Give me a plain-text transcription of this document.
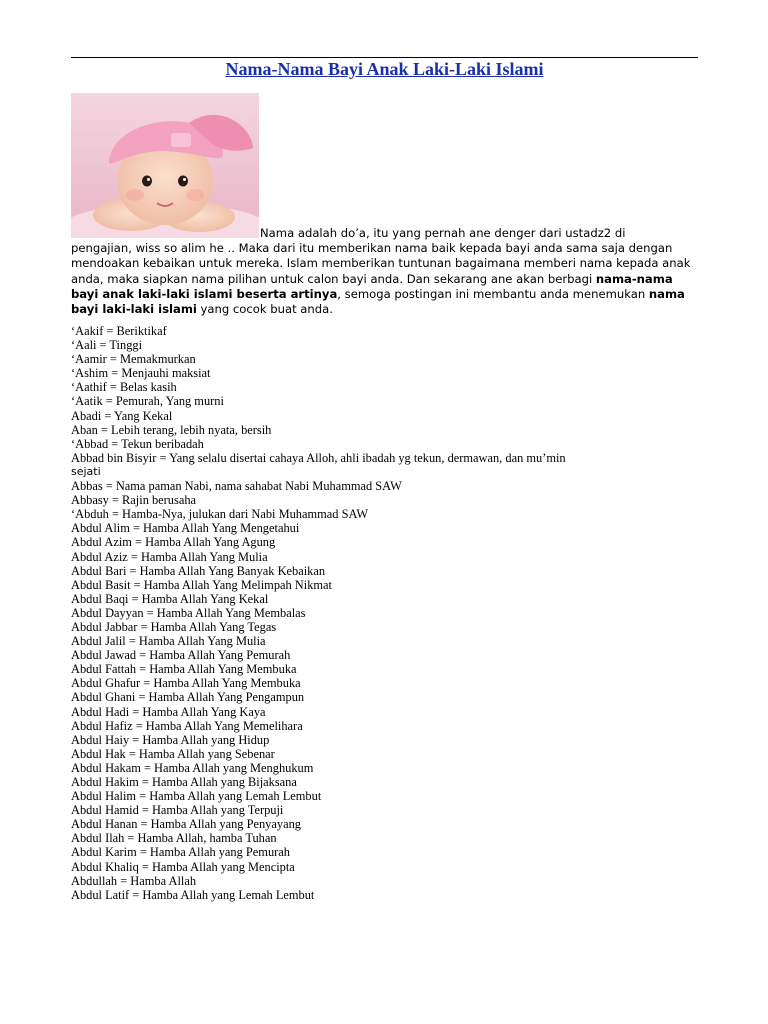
Nama-Nama Bayi Anak Laki-Laki Islami
Nama adalah do’a, itu yang pernah ane denger dari ustadz2 di
pengajian, wiss so alim he .. Maka dari itu memberikan nama baik kepada bayi anda sama saja dengan mendoakan kebaikan untuk mereka. Islam memberikan tuntunan bagaimana memberi nama kepada anak anda, maka siapkan nama pilihan untuk calon bayi anda. Dan sekarang ane akan berbagi nama-nama bayi anak laki-laki islami beserta artinya, semoga postingan ini membantu anda menemukan nama bayi laki-laki islami yang cocok buat anda.
‘Aakif = Beriktikaf
‘Aali = Tinggi
‘Aamir = Memakmurkan
‘Ashim = Menjauhi maksiat
‘Aathif = Belas kasih
‘Aatik = Pemurah, Yang murni
Abadi = Yang Kekal
Aban = Lebih terang, lebih nyata, bersih
‘Abbad = Tekun beribadah
Abbad bin Bisyir = Yang selalu disertai cahaya Alloh, ahli ibadah yg tekun, dermawan, dan mu’min
sejati
Abbas = Nama paman Nabi, nama sahabat Nabi Muhammad SAW
Abbasy = Rajin berusaha
‘Abduh = Hamba-Nya, julukan dari Nabi Muhammad SAW
Abdul Alim = Hamba Allah Yang Mengetahui
Abdul Azim = Hamba Allah Yang Agung
Abdul Aziz = Hamba Allah Yang Mulia
Abdul Bari = Hamba Allah Yang Banyak Kebaikan
Abdul Basit = Hamba Allah Yang Melimpah Nikmat
Abdul Baqi = Hamba Allah Yang Kekal
Abdul Dayyan = Hamba Allah Yang Membalas
Abdul Jabbar = Hamba Allah Yang Tegas
Abdul Jalil = Hamba Allah Yang Mulia
Abdul Jawad = Hamba Allah Yang Pemurah
Abdul Fattah = Hamba Allah Yang Membuka
Abdul Ghafur = Hamba Allah Yang Membuka
Abdul Ghani = Hamba Allah Yang Pengampun
Abdul Hadi = Hamba Allah Yang Kaya
Abdul Hafiz = Hamba Allah Yang Memelihara
Abdul Haiy = Hamba Allah yang Hidup
Abdul Hak = Hamba Allah yang Sebenar
Abdul Hakam = Hamba Allah yang Menghukum
Abdul Hakim = Hamba Allah yang Bijaksana
Abdul Halim = Hamba Allah yang Lemah Lembut
Abdul Hamid = Hamba Allah yang Terpuji
Abdul Hanan = Hamba Allah yang Penyayang
Abdul Ilah = Hamba Allah, hamba Tuhan
Abdul Karim = Hamba Allah yang Pemurah
Abdul Khaliq = Hamba Allah yang Mencipta
Abdullah = Hamba Allah
Abdul Latif = Hamba Allah yang Lemah Lembut
